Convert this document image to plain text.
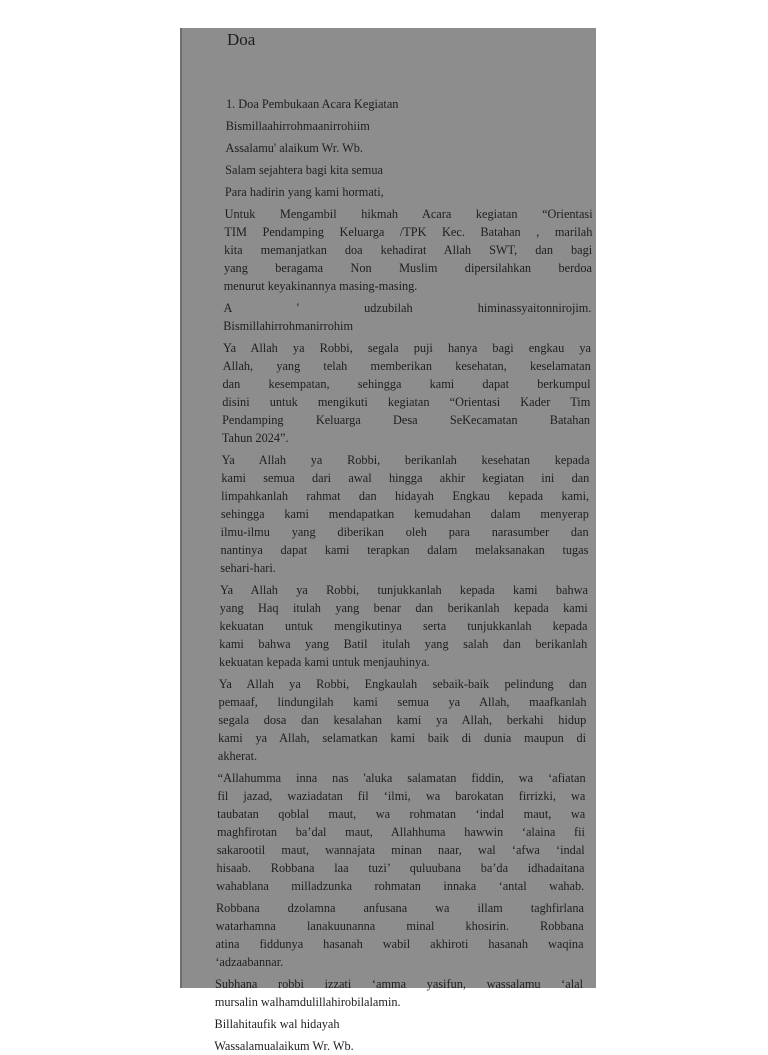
Doa

1. Doa Pembukaan Acara Kegiatan

Bismillaahirrohmaanirrohiim

Assalamu' alaikum Wr. Wb.

Salam sejahtera bagi kita semua

Para hadirin yang kami hormati,

Untuk Mengambil hikmah Acara kegiatan “Orientasi

TIM Pendamping Keluarga /TPK Kec. Batahan , marilah

kita memanjatkan doa kehadirat Allah SWT, dan bagi

yang beragama Non Muslim dipersilahkan berdoa

menurut keyakinannya masing-masing.

A ' udzubilah himinassyaitonnirojim.

Bismillahirrohmanirrohim

Ya Allah ya Robbi, segala puji hanya bagi engkau ya

Allah, yang telah memberikan kesehatan, keselamatan

dan kesempatan, sehingga kami dapat berkumpul

disini untuk mengikuti kegiatan “Orientasi Kader Tim

Pendamping Keluarga Desa SeKecamatan Batahan

Tahun 2024”.

Ya Allah ya Robbi, berikanlah kesehatan kepada

kami semua dari awal hingga akhir kegiatan ini dan

limpahkanlah rahmat dan hidayah Engkau kepada kami,

sehingga kami mendapatkan kemudahan dalam menyerap

ilmu-ilmu yang diberikan oleh para narasumber dan

nantinya dapat kami terapkan dalam melaksanakan tugas

sehari-hari.

Ya Allah ya Robbi, tunjukkanlah kepada kami bahwa

yang Haq itulah yang benar dan berikanlah kepada kami

kekuatan untuk mengikutinya serta tunjukkanlah kepada

kami bahwa yang Batil itulah yang salah dan berikanlah

kekuatan kepada kami untuk menjauhinya.

Ya Allah ya Robbi, Engkaulah sebaik-baik pelindung dan

pemaaf, lindungilah kami semua ya Allah, maafkanlah

segala dosa dan kesalahan kami ya Allah, berkahi hidup

kami ya Allah, selamatkan kami baik di dunia maupun di

akherat.

“Allahumma inna nas 'aluka salamatan fiddin, wa ‘afiatan

fil jazad, waziadatan fil ‘ilmi, wa barokatan firrizki, wa

taubatan qoblal maut, wa rohmatan ‘indal maut, wa

maghfirotan ba’dal maut, Allahhuma hawwin ‘alaina fii

sakarootil maut, wannajata minan naar, wal ‘afwa ‘indal

hisaab. Robbana laa tuzi’ quluubana ba’da idhadaitana

wahablana milladzunka rohmatan innaka ‘antal wahab.

Robbana dzolamna anfusana wa illam taghfirlana

watarhamna lanakuunanna minal khosirin. Robbana

atina fiddunya hasanah wabil akhiroti hasanah waqina

‘adzaabannar.

Subhana robbi izzati ‘amma yasifun, wassalamu ‘alal

mursalin walhamdulillahirobilalamin.

Billahitaufik wal hidayah

Wassalamualaikum Wr. Wb.
